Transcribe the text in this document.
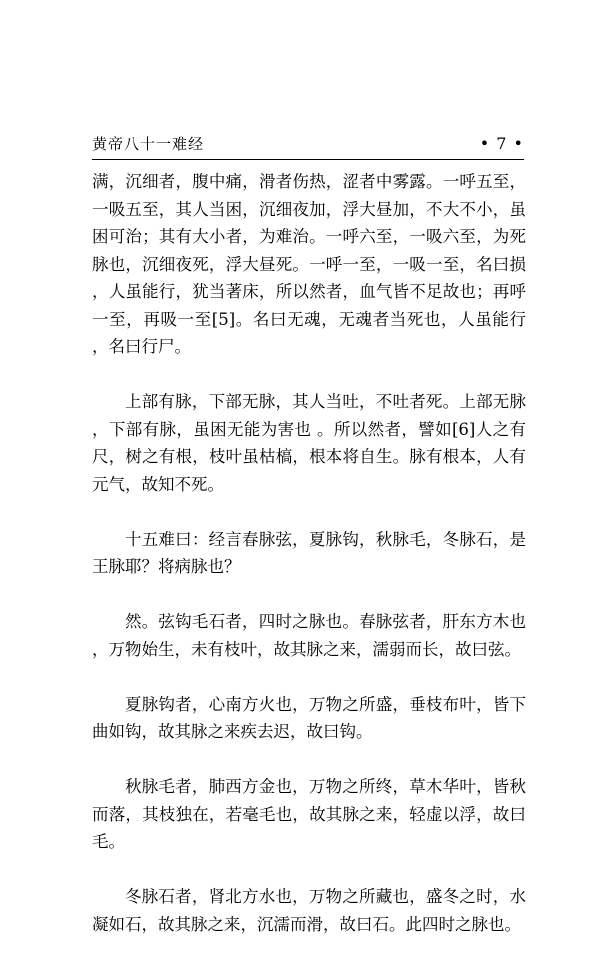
黄帝八十一难经	• 7 •

满，沉细者，腹中痛，滑者伤热，涩者中雾露。一呼五至，一吸五至，其人当困，沉细夜加，浮大昼加，不大不小，虽困可治；其有大小者，为难治。一呼六至，一吸六至，为死脉也，沉细夜死，浮大昼死。一呼一至，一吸一至，名曰损，人虽能行，犹当著床，所以然者，血气皆不足故也；再呼一至，再吸一至[5]。名曰无魂，无魂者当死也，人虽能行，名曰行尸。

上部有脉，下部无脉，其人当吐，不吐者死。上部无脉，下部有脉，虽困无能为害也 。所以然者，譬如[6]人之有尺，树之有根，枝叶虽枯槁，根本将自生。脉有根本，人有元气，故知不死。

十五难曰：经言春脉弦，夏脉钩，秋脉毛，冬脉石，是王脉耶？将病脉也？

然。弦钩毛石者，四时之脉也。春脉弦者，肝东方木也，万物始生，未有枝叶，故其脉之来，濡弱而长，故曰弦。

夏脉钩者，心南方火也，万物之所盛，垂枝布叶，皆下曲如钩，故其脉之来疾去迟，故曰钩。

秋脉毛者，肺西方金也，万物之所终，草木华叶，皆秋而落，其枝独在，若毫毛也，故其脉之来，轻虚以浮，故曰毛。

冬脉石者，肾北方水也，万物之所藏也，盛冬之时，水凝如石，故其脉之来，沉濡而滑，故曰石。此四时之脉也。
